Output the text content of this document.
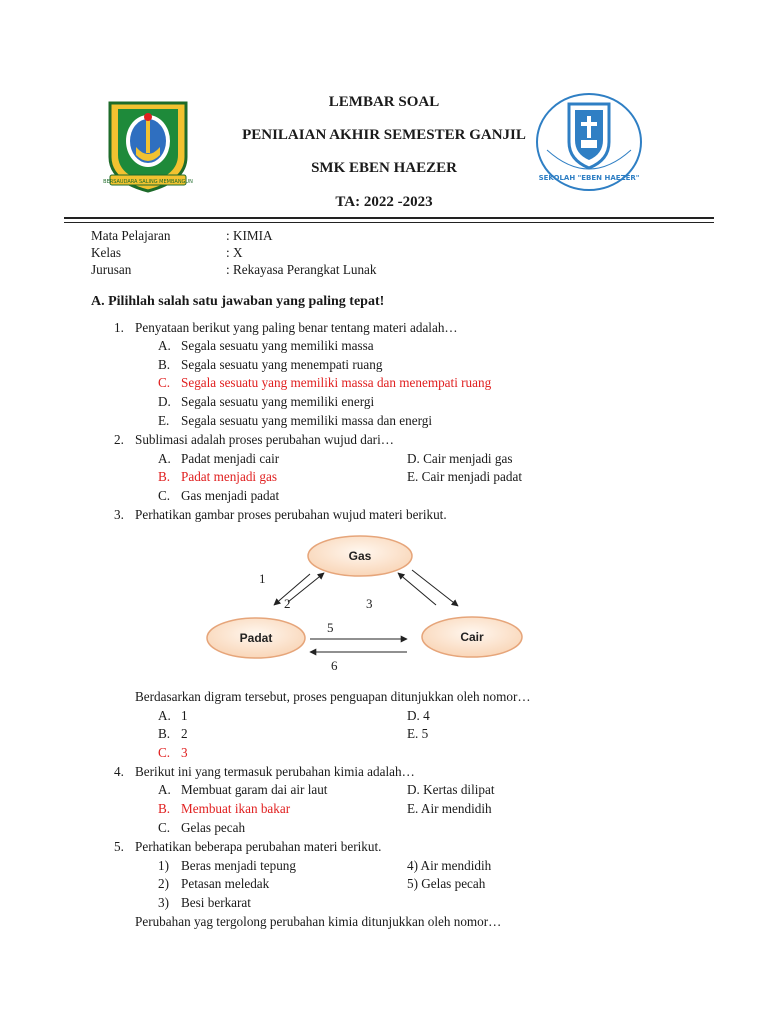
BERSAUDARA SALING MEMBANGUN	SEKOLAH "EBEN HAEZER"
LEMBAR SOAL
PENILAIAN AKHIR SEMESTER GANJIL
SMK EBEN HAEZER
TA: 2022 -2023
Mata Pelajaran	: KIMIA
Kelas	: X
Jurusan	: Rekayasa Perangkat Lunak
A. Pilihlah salah satu jawaban yang paling tepat!
1. Penyataan berikut yang paling benar tentang materi adalah…
A. Segala sesuatu yang memiliki massa
B. Segala sesuatu yang menempati ruang
C. Segala sesuatu yang memiliki massa dan menempati ruang
D. Segala sesuatu yang memiliki energi
E. Segala sesuatu yang memiliki massa dan energi
2. Sublimasi adalah proses perubahan wujud dari…
A. Padat menjadi cair
B. Padat menjadi gas
C. Gas menjadi padat
D. Cair menjadi gas
E. Cair menjadi padat
3. Perhatikan gambar proses perubahan wujud materi berikut.
Gas
Padat	Cair
1
2	3
5
6
Berdasarkan digram tersebut, proses penguapan ditunjukkan oleh nomor…
A. 1
B. 2
C. 3
D. 4
E. 5
4. Berikut ini yang termasuk perubahan kimia adalah…
A. Membuat garam dai air laut
B. Membuat ikan bakar
C. Gelas pecah
D. Kertas dilipat
E. Air mendidih
5. Perhatikan beberapa perubahan materi berikut.
1) Beras menjadi tepung
2) Petasan meledak
3) Besi berkarat
4) Air mendidih
5) Gelas pecah
Perubahan yag tergolong perubahan kimia ditunjukkan oleh nomor…
